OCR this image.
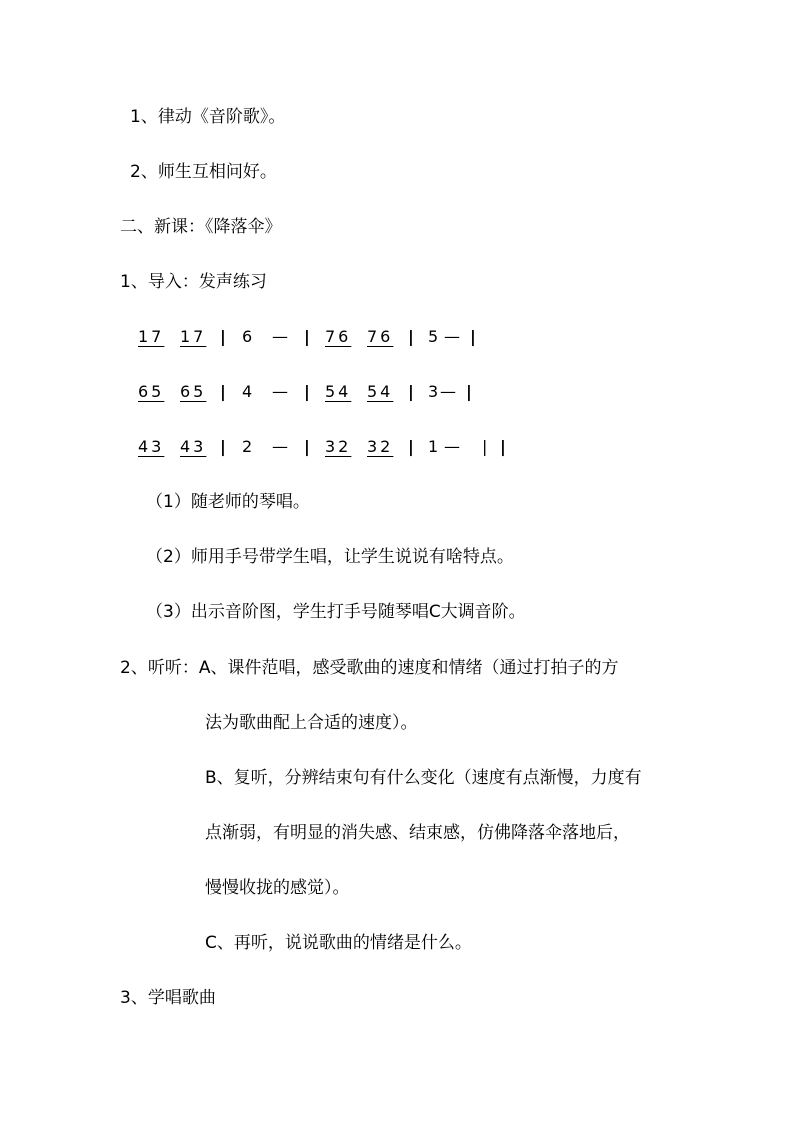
1、律动《音阶歌》。
2、师生互相问好。
二、新课：《降落伞》
1、导入：发声练习
17 17 | 6 — | 76 76 | 5 — |
65 65 | 4 — | 54 54 | 3 — |
43 43 | 2 — | 32 32 | 1 — | |
（1）随老师的琴唱。
（2）师用手号带学生唱，让学生说说有啥特点。
（3）出示音阶图，学生打手号随琴唱C大调音阶。
2、听听：A、课件范唱，感受歌曲的速度和情绪（通过打拍子的方
法为歌曲配上合适的速度）。
B、复听，分辨结束句有什么变化（速度有点渐慢，力度有
点渐弱，有明显的消失感、结束感，仿佛降落伞落地后，
慢慢收拢的感觉）。
C、再听，说说歌曲的情绪是什么。
3、学唱歌曲
